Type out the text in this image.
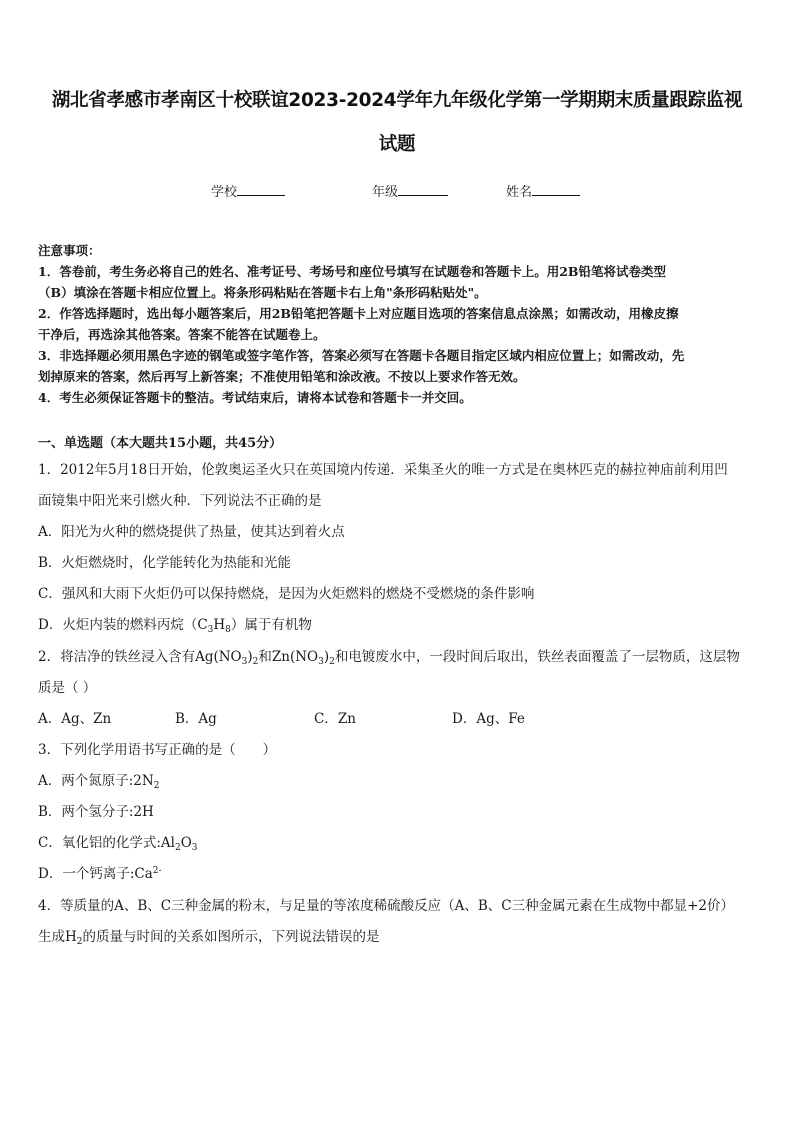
湖北省孝感市孝南区十校联谊2023-2024学年九年级化学第一学期期末质量跟踪监视
试题
学校	年级	姓名
注意事项：
1．答卷前，考生务必将自己的姓名、准考证号、考场号和座位号填写在试题卷和答题卡上。用2B铅笔将试卷类型
（B）填涂在答题卡相应位置上。将条形码粘贴在答题卡右上角"条形码粘贴处"。
2．作答选择题时，选出每小题答案后，用2B铅笔把答题卡上对应题目选项的答案信息点涂黑；如需改动，用橡皮擦
干净后，再选涂其他答案。答案不能答在试题卷上。
3．非选择题必须用黑色字迹的钢笔或签字笔作答，答案必须写在答题卡各题目指定区域内相应位置上；如需改动，先
划掉原来的答案，然后再写上新答案；不准使用铅笔和涂改液。不按以上要求作答无效。
4．考生必须保证答题卡的整洁。考试结束后，请将本试卷和答题卡一并交回。
一、单选题（本大题共15小题，共45分）
1．2012年5月18日开始，伦敦奥运圣火只在英国境内传递．采集圣火的唯一方式是在奥林匹克的赫拉神庙前利用凹
面镜集中阳光来引燃火种．下列说法不正确的是
A．阳光为火种的燃烧提供了热量，使其达到着火点
B．火炬燃烧时，化学能转化为热能和光能
C．强风和大雨下火炬仍可以保持燃烧，是因为火炬燃料的燃烧不受燃烧的条件影响
D．火炬内装的燃料丙烷$(C_3H_8)$属于有机物
2．将洁净的铁丝浸入含有$Ag(NO_3)_2$和$Zn(NO_3)_2$和电镀废水中，一段时间后取出，铁丝表面覆盖了一层物质，这层物
质是（ ）
A．Ag、Zn	B．Ag	C．Zn	D．Ag、Fe
3．下列化学用语书写正确的是（　　）
A．两个氮原子$:2N_2$
B．两个氢分子:2H
C．氧化铝的化学式$:Al_2O_3$
D．一个钙离子$:Ca^{2-}$
4．等质量的A、B、C三种金属的粉末，与足量的等浓度稀硫酸反应（A、B、C三种金属元素在生成物中都显+2价）
生成$H_2$的质量与时间的关系如图所示，下列说法错误的是
